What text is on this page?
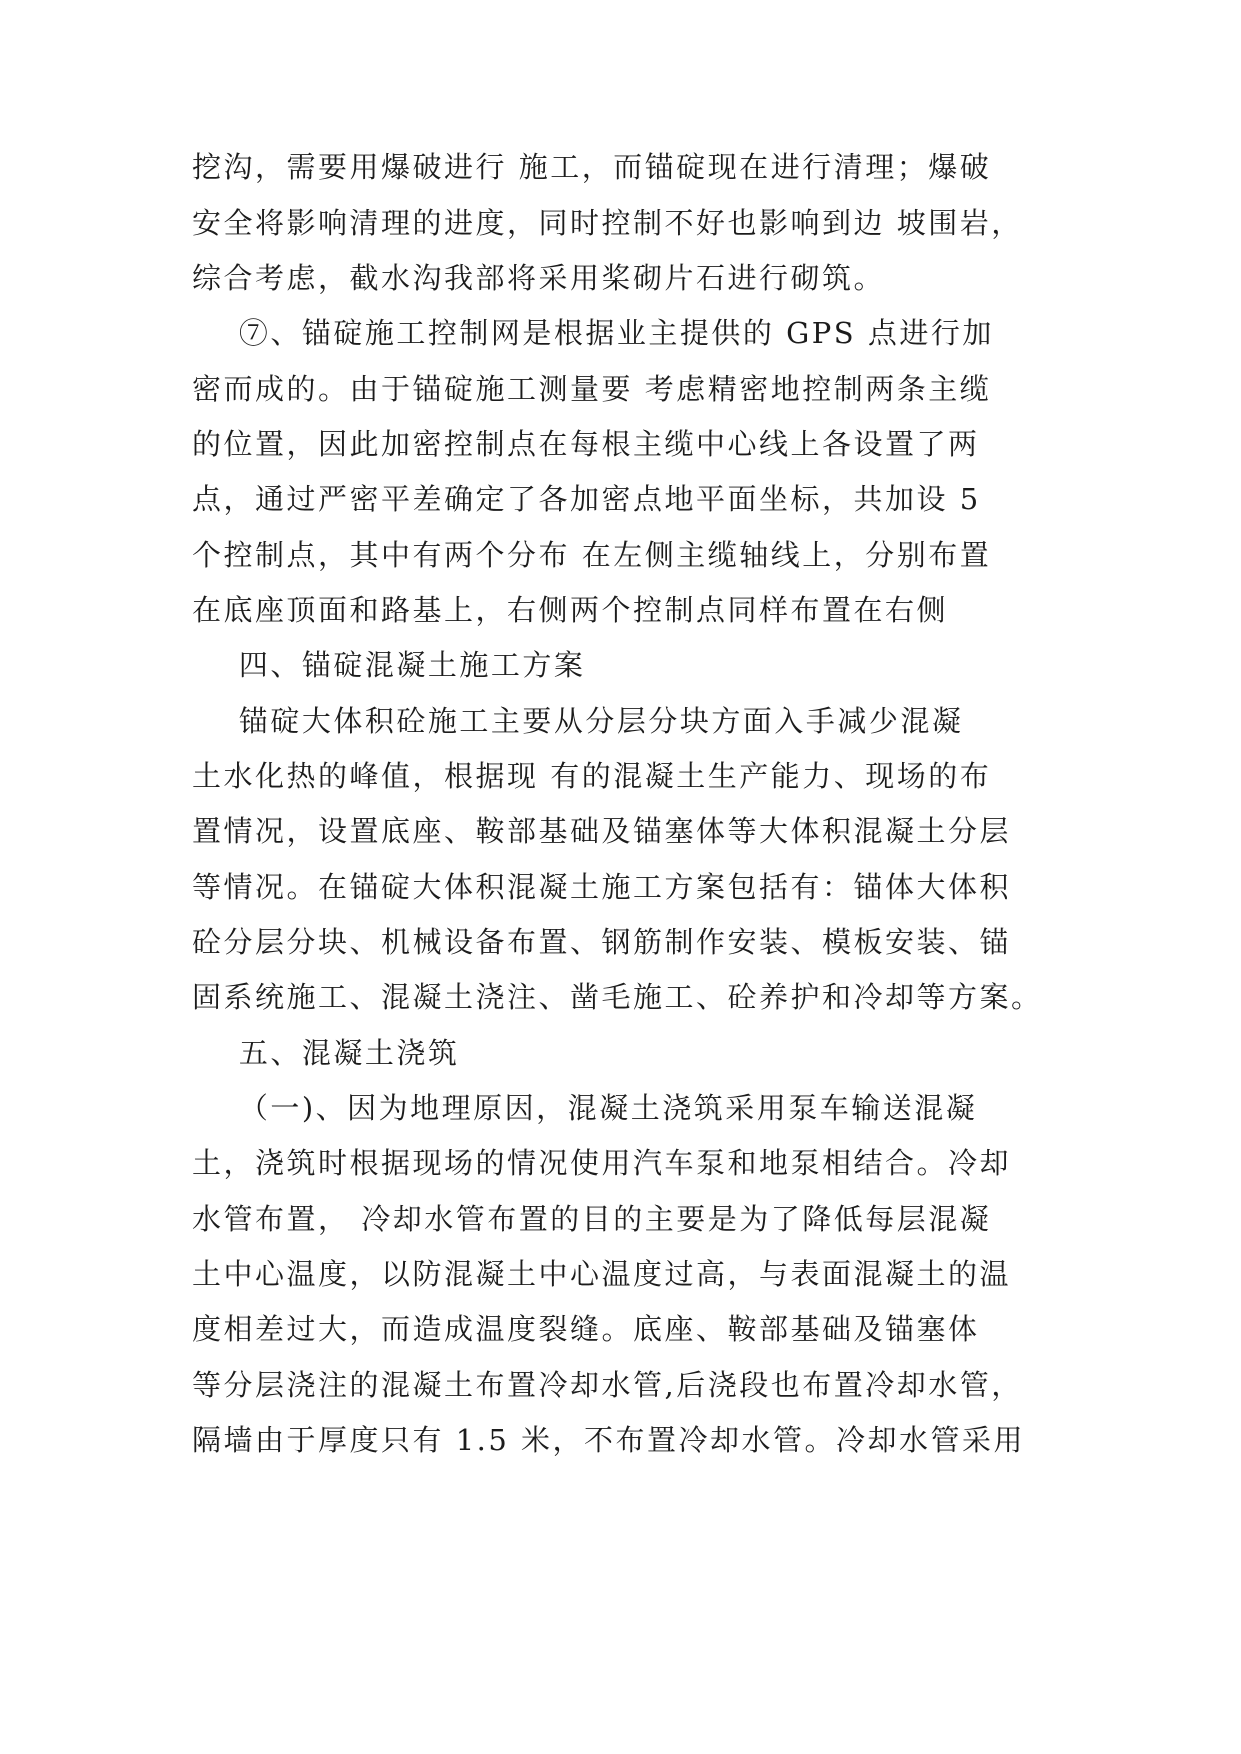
挖沟，需要用爆破进行 施工，而锚碇现在进行清理；爆破
安全将影响清理的进度，同时控制不好也影响到边 坡围岩，
综合考虑，截水沟我部将采用桨砌片石进行砌筑。
⑦、锚碇施工控制网是根据业主提供的 GPS 点进行加
密而成的。由于锚碇施工测量要 考虑精密地控制两条主缆
的位置，因此加密控制点在每根主缆中心线上各设置了两
点，通过严密平差确定了各加密点地平面坐标，共加设 5
个控制点，其中有两个分布 在左侧主缆轴线上，分别布置
在底座顶面和路基上，右侧两个控制点同样布置在右侧
四、锚碇混凝土施工方案
锚碇大体积砼施工主要从分层分块方面入手减少混凝
土水化热的峰值，根据现 有的混凝土生产能力、现场的布
置情况，设置底座、鞍部基础及锚塞体等大体积混凝土分层
等情况。在锚碇大体积混凝土施工方案包括有：锚体大体积
砼分层分块、机械设备布置、钢筋制作安装、模板安装、锚
固系统施工、混凝土浇注、凿毛施工、砼养护和冷却等方案。
五、混凝土浇筑
（一)、因为地理原因，混凝土浇筑采用泵车输送混凝
土，浇筑时根据现场的情况使用汽车泵和地泵相结合。冷却
水管布置， 冷却水管布置的目的主要是为了降低每层混凝
土中心温度，以防混凝土中心温度过高，与表面混凝土的温
度相差过大，而造成温度裂缝。底座、鞍部基础及锚塞体
等分层浇注的混凝土布置冷却水管,后浇段也布置冷却水管，
隔墙由于厚度只有 1.5 米，不布置冷却水管。冷却水管采用
